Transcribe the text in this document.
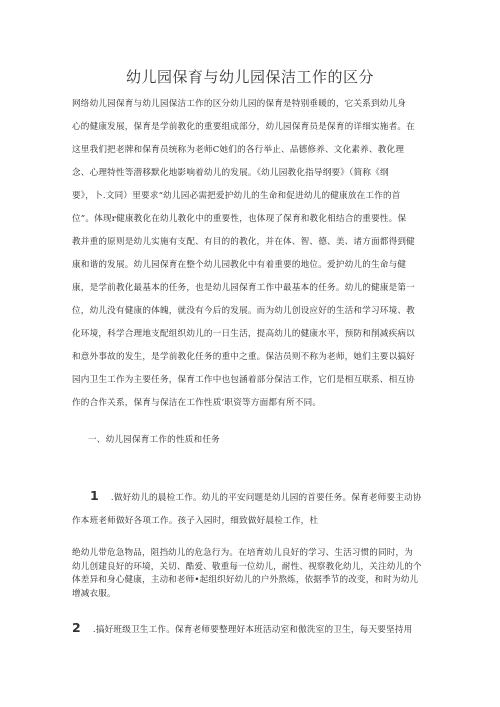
幼儿园保育与幼儿园保洁工作的区分
网络幼儿园保育与幼儿园保洁工作的区分幼儿园的保育是特别垂暖的，它关系到幼儿身
心的健康发展，保育是学前教化的重要组成部分，幼儿园保育员是保育的详细实施者。在
这里我们把老牌和保育员统称为老师C她们的各行举止、品德修养、文化素养、教化理
念、心理特性等潜移默化地影响着幼儿的发展。《幼儿园教化指导纲要》（简称《纲
要》，卜.文同）里要求“幼儿园必需把爱护幼儿的生命和促进幼儿的健康放在工作的首
位”。体现r健康教化在幼儿教化中的重要性，也体现了保育和教化相结合的重要性。保
教并重的原则是幼儿实施有支配、有目的的教化，并在体、智、德、美、诸方面都得到健
康和谐的发展。幼儿园保育在整个幼儿园教化中有着重要的地位。爱护幼儿的生命与健
康，是学前教化最基本的任务，也是幼儿园保育工作中最基本的任务。幼儿的健康是第一
位，幼儿没有健康的体魄，就没有今后的发展。而为幼儿创设应好的生活和学习环境、教
化环境，科学合理地支配组织幼儿的一日生活，提高幼儿的健康水平，预防和削减疾病以
和意外事故的发生，是学前教化任务的重中之重。保洁员则不称为老师，她们主要以搞好
园内卫生工作为主要任务，保育工作中也包涵着部分保洁工作，它们是相互联系、相互协
作的合作关系，保育与保洁在工作性质’职资等方面都有所不同。
一、幼儿园保育工作的性质和任务
1 .做好幼儿的晨检工作。幼儿的平安问题是幼儿园的首要任务。保育老师要主动协
作本班老师做好各项工作。孩子入园时，细致做好晨检工作，杜
绝幼儿带危急物品，阻挡幼儿的危急行为。在培育幼儿良好的学习、生活习惯的同时，为
幼儿创建良好的环境，关切、酷爱、敬重每一位幼儿，耐性、视察教化幼儿，关注幼儿的个
体差异和身心健康，主动和老师•起组织好幼儿的户外熬炼，依据季节的改变，和时为幼儿
增减衣服。
2 .搞好班级卫生工作。保育老师要整理好本班活动室和傲洗室的卫生，每天要坚持用
